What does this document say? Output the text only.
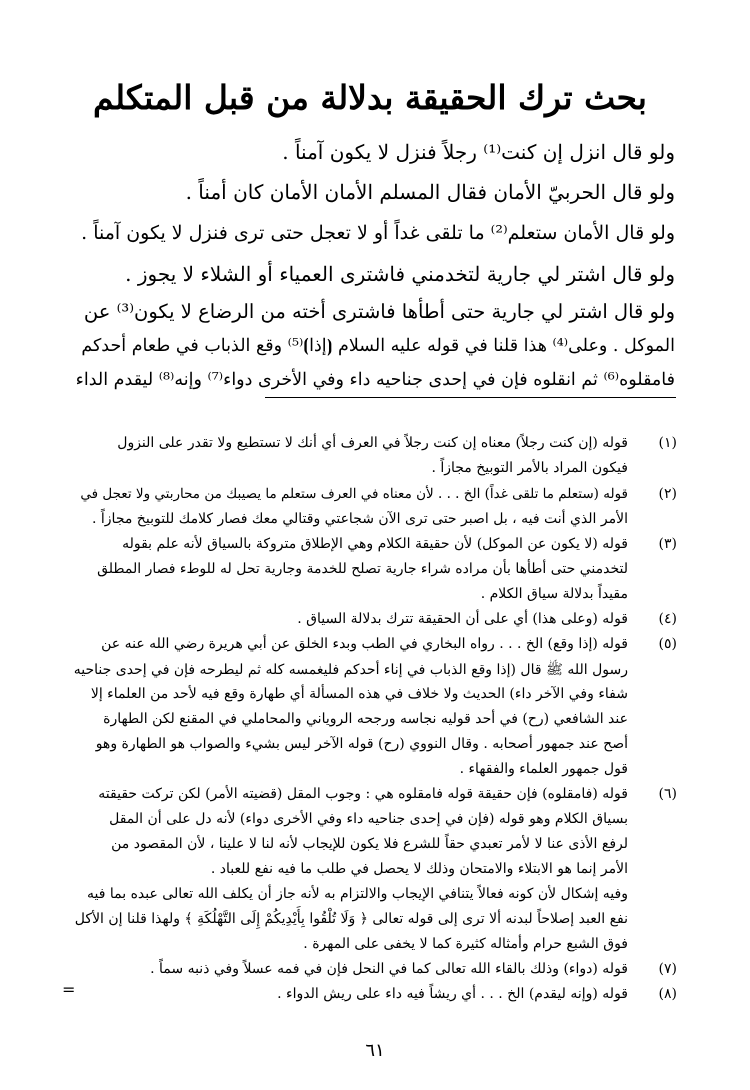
بحث ترك الحقيقة بدلالة من قبل المتكلم
ولو قال انزل إن كنت⁽¹⁾ رجلاً فنزل لا يكون آمناً .
ولو قال الحربيّ الأمان فقال المسلم الأمان الأمان كان أمناً .
ولو قال الأمان ستعلم⁽²⁾ ما تلقى غداً أو لا تعجل حتى ترى فنزل لا يكون آمناً .
ولو قال اشتر لي جارية لتخدمني فاشترى العمياء أو الشلاء لا يجوز .
ولو قال اشتر لي جارية حتى أطأها فاشترى أخته من الرضاع لا يكون⁽³⁾ عن
الموكل . وعلى⁽⁴⁾ هذا قلنا في قوله عليه السلام ⦗إذا⦘⁽⁵⁾ وقع الذباب في طعام أحدكم
فامقلوه⁽⁶⁾ ثم انقلوه فإن في إحدى جناحيه داء وفي الأخرى دواء⁽⁷⁾ وإنه⁽⁸⁾ ليقدم الداء
(١)
قوله (إن كنت رجلاً) معناه إن كنت رجلاً في العرف أي أنك لا تستطيع ولا تقدر على النزول
فيكون المراد بالأمر التوبيخ مجازاً .
(٢)
قوله (ستعلم ما تلقى غداً) الخ . . . لأن معناه في العرف ستعلم ما يصيبك من محاربتي ولا تعجل في
الأمر الذي أنت فيه ، بل اصبر حتى ترى الآن شجاعتي وقتالي معك فصار كلامك للتوبيخ مجازاً .
(٣)
قوله (لا يكون عن الموكل) لأن حقيقة الكلام وهي الإطلاق متروكة بالسياق لأنه علم بقوله
لتخدمني حتى أطأها بأن مراده شراء جارية تصلح للخدمة وجارية تحل له للوطء فصار المطلق
مقيداً بدلالة سياق الكلام .
(٤)
قوله (وعلى هذا) أي على أن الحقيقة تترك بدلالة السياق .
(٥)
قوله (إذا وقع) الخ . . . رواه البخاري في الطب وبدء الخلق عن أبي هريرة رضي الله عنه عن
رسول الله ﷺ قال (إذا وقع الذباب في إناء أحدكم فليغمسه كله ثم ليطرحه فإن في إحدى جناحيه
شفاء وفي الآخر داء) الحديث ولا خلاف في هذه المسألة أي طهارة وقع فيه لأحد من العلماء إلا
عند الشافعي (رح) في أحد قوليه نجاسه ورجحه الروياني والمحاملي في المقنع لكن الطهارة
أصح عند جمهور أصحابه . وقال النووي (رح) قوله الآخر ليس بشيء والصواب هو الطهارة وهو
قول جمهور العلماء والفقهاء .
(٦)
قوله (فامقلوه) فإن حقيقة قوله فامقلوه هي : وجوب المقل (قضيته الأمر) لكن تركت حقيقته
بسياق الكلام وهو قوله (فإن في إحدى جناحيه داء وفي الأخرى دواء) لأنه دل على أن المقل
لرفع الأذى عنا لا لأمر تعبدي حقاً للشرع فلا يكون للإيجاب لأنه لنا لا علينا ، لأن المقصود من
الأمر إنما هو الابتلاء والامتحان وذلك لا يحصل في طلب ما فيه نفع للعباد .
وفيه إشكال لأن كونه فعالاً يتنافي الإيجاب والالتزام به لأنه جاز أن يكلف الله تعالى عبده بما فيه
نفع العبد إصلاحاً لبدنه ألا ترى إلى قوله تعالى ﴿ وَلَا تُلْقُوا بِأَيْدِيكُمْ إِلَى التَّهْلُكَةِ ﴾ ولهذا قلنا إن الأكل
فوق الشبع حرام وأمثاله كثيرة كما لا يخفى على المهرة .
(٧)
قوله (دواء) وذلك بالقاء الله تعالى كما في النحل فإن في فمه عسلاً وفي ذنبه سماً .
(٨)
قوله (وإنه ليقدم) الخ . . . أي ريشاً فيه داء على ريش الدواء .
=
٦١
